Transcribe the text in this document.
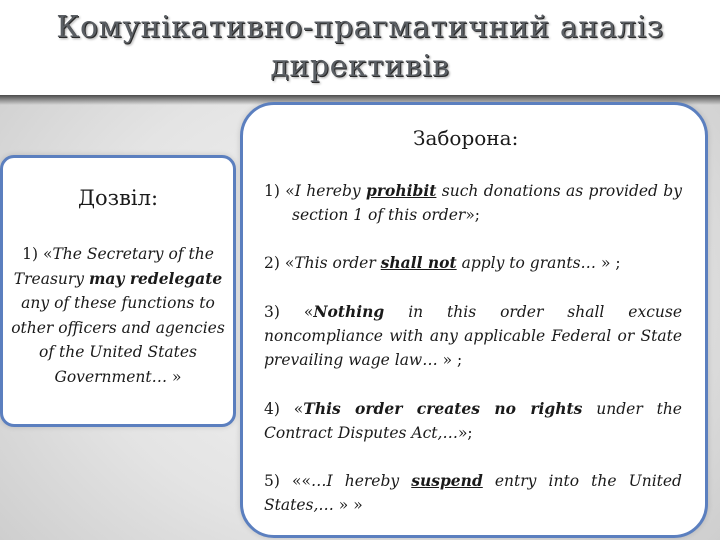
Комунікативно-прагматичний аналіз
директивів
Дозвіл:
1) «The Secretary of the Treasury may redelegate any of these functions to other officers and agencies of the United States Government… »
Заборона:
1) «I hereby prohibit such donations as provided by section 1 of this order»;
2) «This order shall not apply to grants… » ;
3) «Nothing in this order shall excuse noncompliance with any applicable Federal or State prevailing wage law… » ;
4) «This order creates no rights under the Contract Disputes Act,…»;
5) ««…I hereby suspend entry into the United States,… » »
